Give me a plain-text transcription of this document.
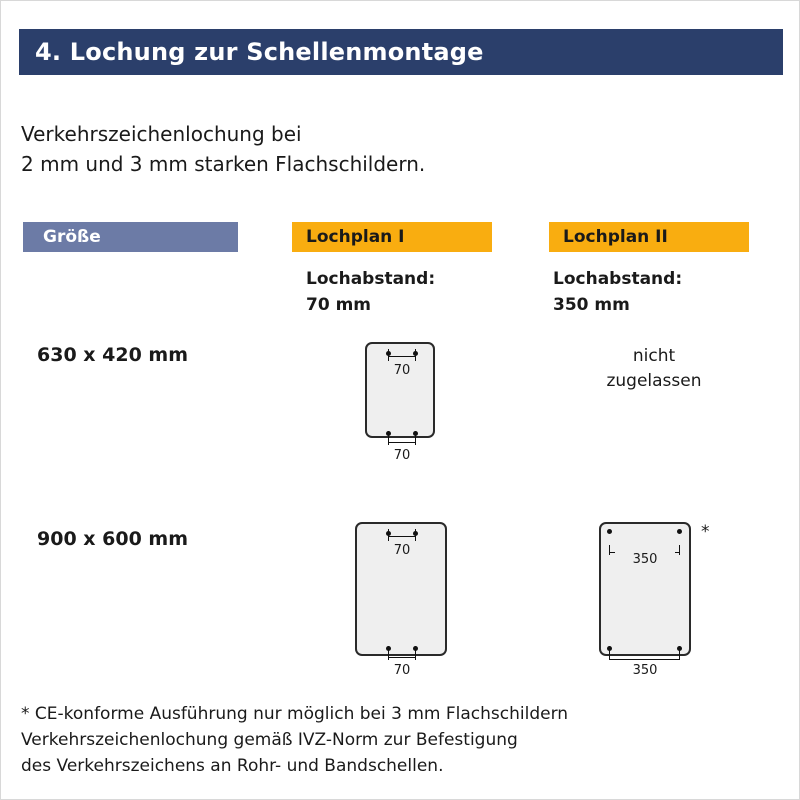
4. Lochung zur Schellenmontage
Verkehrszeichenlochung bei
2 mm und 3 mm starken Flachschildern.
Größe	Lochplan I	Lochplan II
Lochabstand:
70 mm
Lochabstand:
350 mm
630 x 420 mm
70
70
nicht
zugelassen
900 x 600 mm
70
70
*
350
350
* CE-konforme Ausführung nur möglich bei 3 mm Flachschildern
Verkehrszeichenlochung gemäß IVZ-Norm zur Befestigung
des Verkehrszeichens an Rohr- und Bandschellen.
